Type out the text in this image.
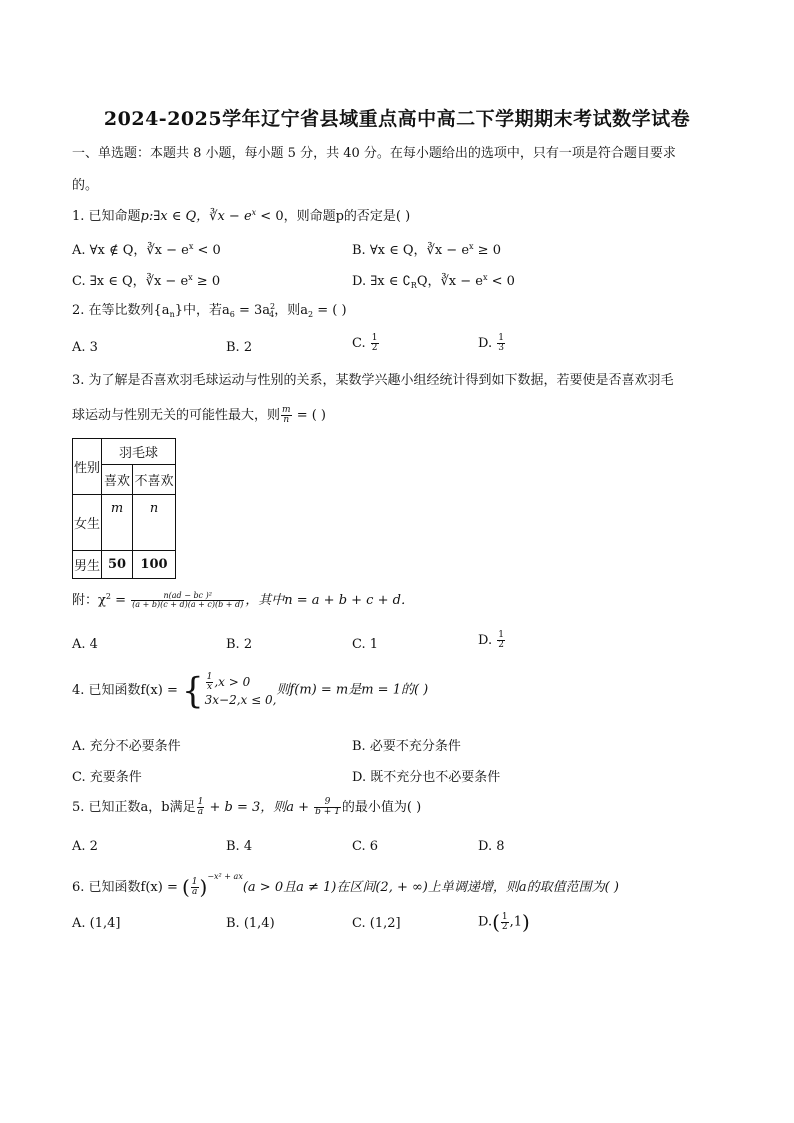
2024-2025学年辽宁省县域重点高中高二下学期期末考试数学试卷
一、单选题：本题共 8 小题，每小题 5 分，共 40 分。在每小题给出的选项中，只有一项是符合题目要求
的。
1. 已知命题p:∃x ∈ Q，∛x − $e^x < 0$，则命题p的否定是( )
A. ∀x ∉ Q，∛x − $e^x < 0$	B. ∀x ∈ Q，∛x − $e^x \ge 0$
C. ∃x ∈ Q，∛x − $e^x \ge 0$	D. ∃x ∈ $∁_RQ$，∛x − $e^x < 0$
2. 在等比数列$\{a_n\}$中，若$a_6 = 3a^2_4$，则$a_2$ = ( )
A. 3	B. 2	C. $\frac{1}{2}$	D. $\frac{1}{3}$
3. 为了解是否喜欢羽毛球运动与性别的关系，某数学兴趣小组经统计得到如下数据，若要使是否喜欢羽毛
球运动与性别无关的可能性最大，则 $\frac{m}{n}$ = ( )
性别	羽毛球	
	喜欢	不喜欢
女生	m	n
男生	50	100
附：$\chi^2 = \frac{\text{n(ad − bc )²}}{(a + b)(c + d)(a + c)(b + d)}$ ，其中n = a + b + c + d．
A. 4	B. 2	C. 1	D. $\frac{1}{2}$
4. 已知函数f(x) = { $\frac{1}{x} ,x > 0$
3x−2,x ≤ 0,
则f(m) = m是m = 1的( )
A. 充分不必要条件	B. 必要不充分条件
C. 充要条件	D. 既不充分也不必要条件
5. 已知正数a，b满足 $\frac{1}{a} + b = 3$，则$a + \frac{9}{b + 1}$ 的最小值为( )
A. 2	B. 4	C. 6	D. 8
6. 已知函数f(x) = ( $\frac{1}{a} )^{-x^2 + ax}(a > 0$且a ≠ 1)在区间(2, + ∞)上单调递增，则a的取值范围为( )
A. (1,4]	B. (1,4)	C. (1,2]	$D.( \frac{1}{2} ,1)$
